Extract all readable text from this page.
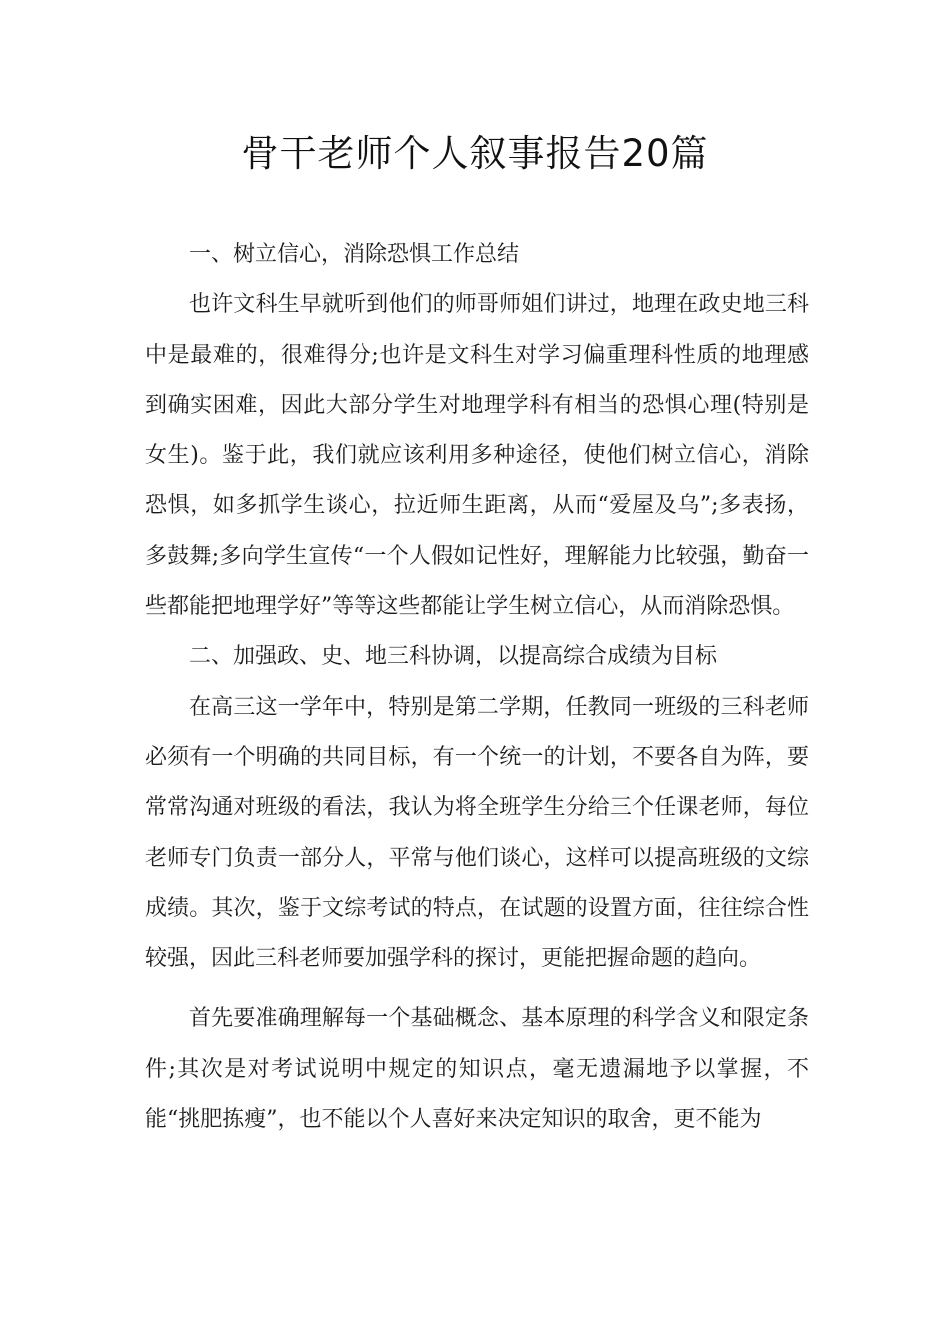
骨干老师个人叙事报告20篇

一、树立信心，消除恐惧工作总结

也许文科生早就听到他们的师哥师姐们讲过，地理在政史地三科中是最难的，很难得分;也许是文科生对学习偏重理科性质的地理感到确实困难，因此大部分学生对地理学科有相当的恐惧心理(特别是女生)。鉴于此，我们就应该利用多种途径，使他们树立信心，消除恐惧，如多抓学生谈心，拉近师生距离，从而“爱屋及乌”;多表扬，多鼓舞;多向学生宣传“一个人假如记性好，理解能力比较强，勤奋一些都能把地理学好”等等这些都能让学生树立信心，从而消除恐惧。

二、加强政、史、地三科协调，以提高综合成绩为目标

在高三这一学年中，特别是第二学期，任教同一班级的三科老师必须有一个明确的共同目标，有一个统一的计划，不要各自为阵，要常常沟通对班级的看法，我认为将全班学生分给三个任课老师，每位老师专门负责一部分人，平常与他们谈心，这样可以提高班级的文综成绩。其次，鉴于文综考试的特点，在试题的设置方面，往往综合性较强，因此三科老师要加强学科的探讨，更能把握命题的趋向。

首先要准确理解每一个基础概念、基本原理的科学含义和限定条件;其次是对考试说明中规定的知识点，毫无遗漏地予以掌握，不能“挑肥拣瘦”，也不能以个人喜好来决定知识的取舍，更不能为
